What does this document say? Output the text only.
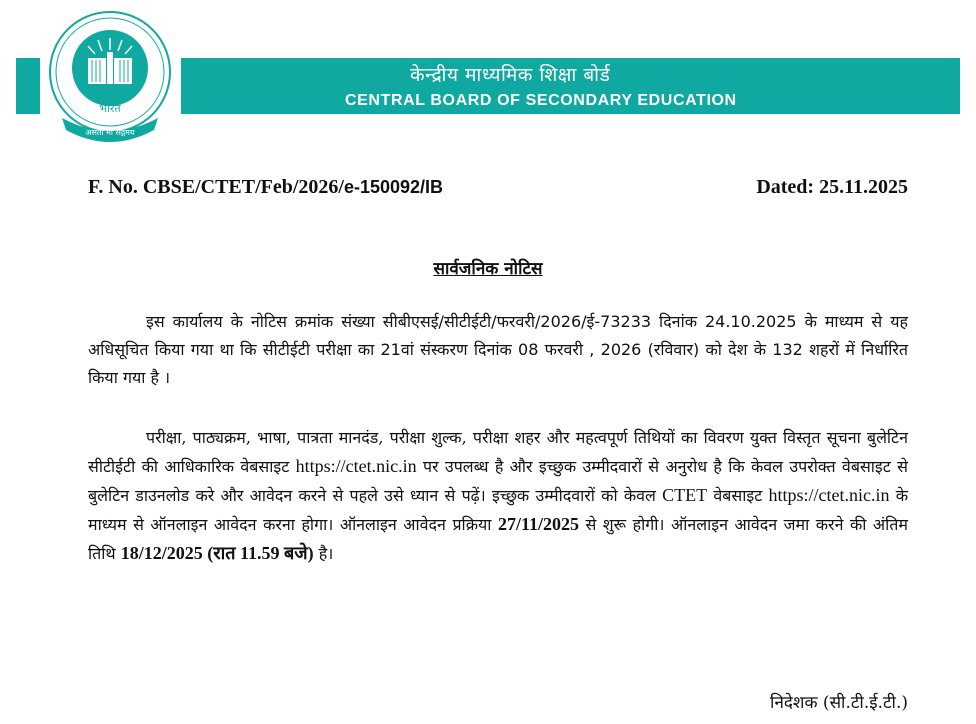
केन्द्रीय माध्यमिक शिक्षा बोर्ड
CENTRAL BOARD OF SECONDARY EDUCATION
भारत
असतो मा सद्गमय
F. No. CBSE/CTET/Feb/2026/e-150092/IB	Dated: 25.11.2025
सार्वजनिक नोटिस
इस कार्यालय के नोटिस क्रमांक संख्या सीबीएसई/सीटीईटी/फरवरी/2026/ई-73233 दिनांक 24.10.2025 के माध्यम से यह अधिसूचित किया गया था कि सीटीईटी परीक्षा का 21वां संस्करण दिनांक 08 फरवरी , 2026 (रविवार) को देश के 132 शहरों में निर्धारित किया गया है ।
परीक्षा, पाठ्यक्रम, भाषा, पात्रता मानदंड, परीक्षा शुल्क, परीक्षा शहर और महत्वपूर्ण तिथियों का विवरण युक्त विस्तृत सूचना बुलेटिन सीटीईटी की आधिकारिक वेबसाइट https://ctet.nic.in पर उपलब्ध है और इच्छुक उम्मीदवारों से अनुरोध है कि केवल उपरोक्त वेबसाइट से बुलेटिन डाउनलोड करे और आवेदन करने से पहले उसे ध्यान से पढ़ें। इच्छुक उम्मीदवारों को केवल CTET वेबसाइट https://ctet.nic.in के माध्यम से ऑनलाइन आवेदन करना होगा। ऑनलाइन आवेदन प्रक्रिया 27/11/2025 से शुरू होगी। ऑनलाइन आवेदन जमा करने की अंतिम तिथि 18/12/2025 (रात 11.59 बजे) है।
निदेशक (सी.टी.ई.टी.)
